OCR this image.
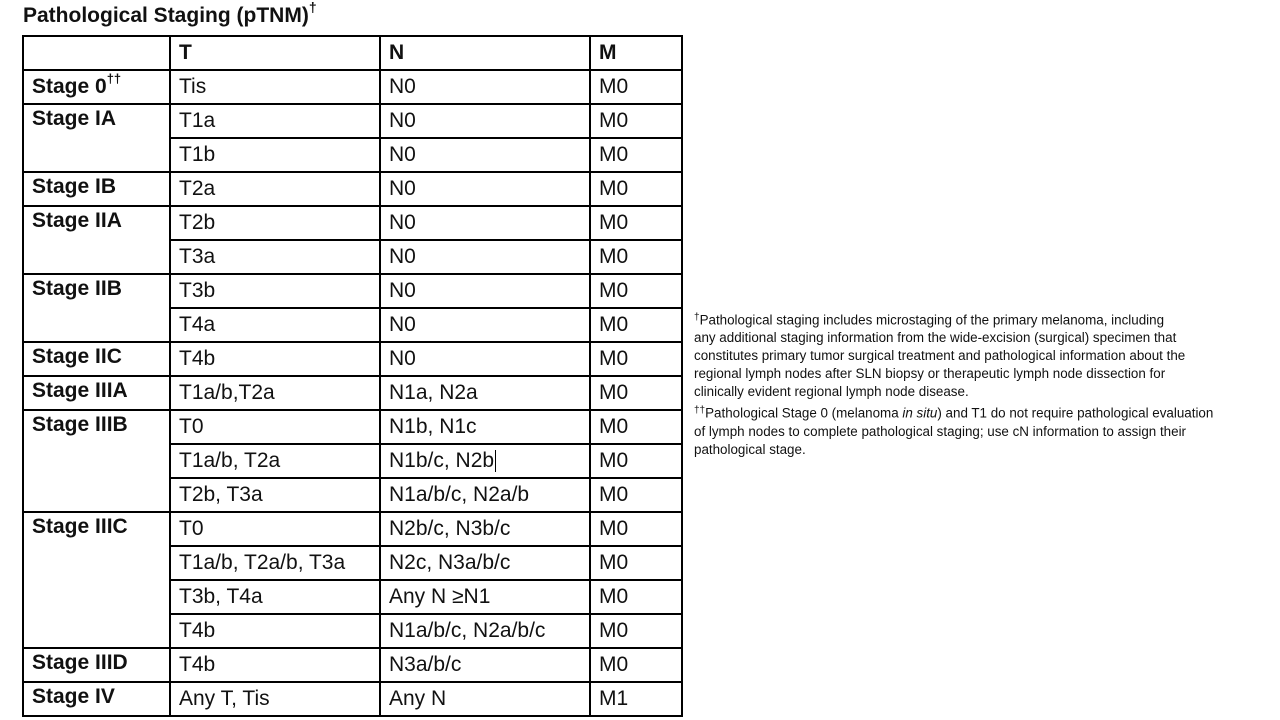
Pathological Staging (pTNM)†
	T	N	M
Stage 0††	Tis	N0	M0
Stage IA	T1a	N0	M0
	T1b	N0	M0
Stage IB	T2a	N0	M0
Stage IIA	T2b	N0	M0
	T3a	N0	M0
Stage IIB	T3b	N0	M0
	T4a	N0	M0
Stage IIC	T4b	N0	M0
Stage IIIA	T1a/b,T2a	N1a, N2a	M0
Stage IIIB	T0	N1b, N1c	M0
	T1a/b, T2a	N1b/c, N2b	M0
	T2b, T3a	N1a/b/c, N2a/b	M0
Stage IIIC	T0	N2b/c, N3b/c	M0
	T1a/b, T2a/b, T3a	N2c, N3a/b/c	M0
	T3b, T4a	Any N ≥N1	M0
	T4b	N1a/b/c, N2a/b/c	M0
Stage IIID	T4b	N3a/b/c	M0
Stage IV	Any T, Tis	Any N	M1

†Pathological staging includes microstaging of the primary melanoma, including
any additional staging information from the wide-excision (surgical) specimen that
constitutes primary tumor surgical treatment and pathological information about the
regional lymph nodes after SLN biopsy or therapeutic lymph node dissection for
clinically evident regional lymph node disease.

††Pathological Stage 0 (melanoma in situ) and T1 do not require pathological evaluation
of lymph nodes to complete pathological staging; use cN information to assign their
pathological stage.
